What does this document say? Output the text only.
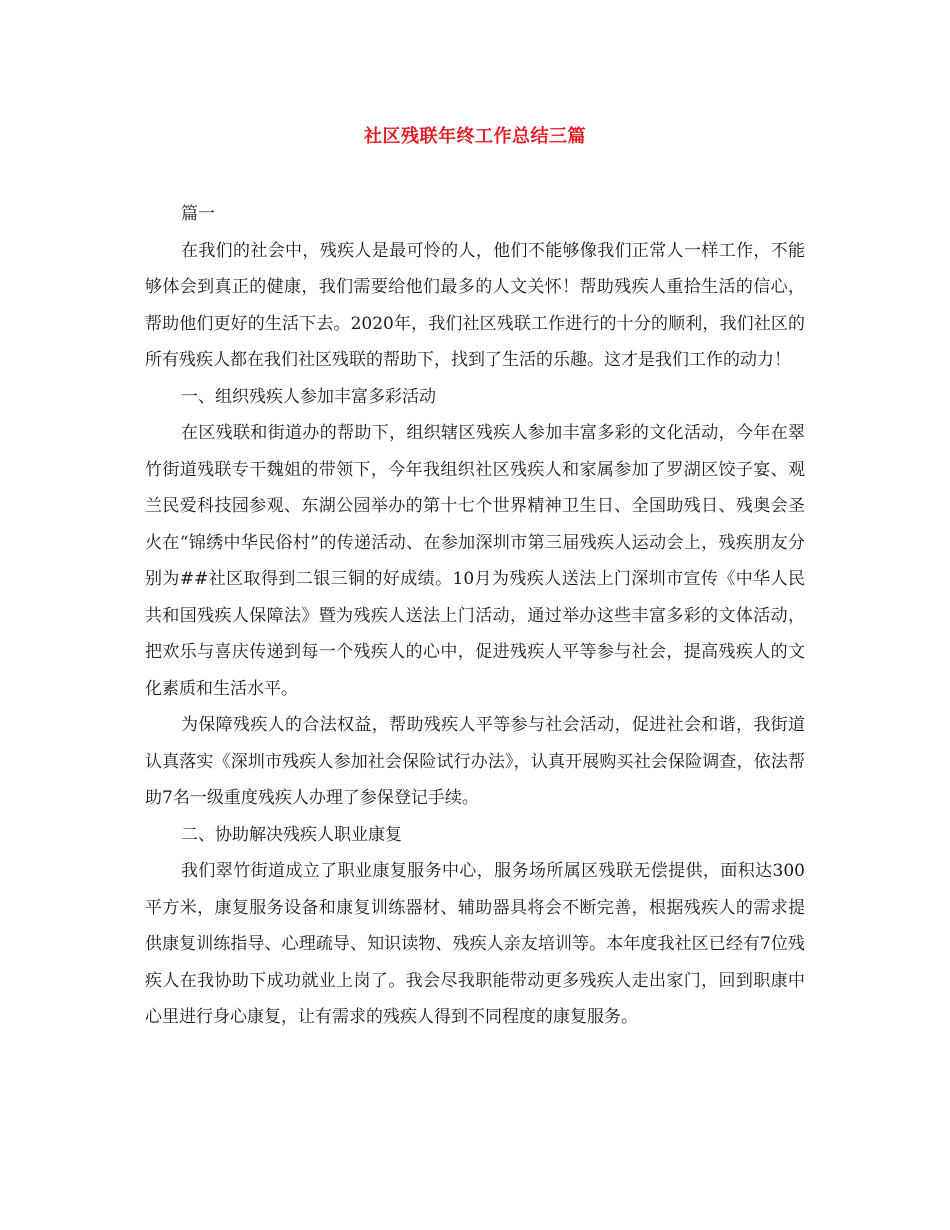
社区残联年终工作总结三篇

篇一

在我们的社会中，残疾人是最可怜的人，他们不能够像我们正常人一样工作，不能够体会到真正的健康，我们需要给他们最多的人文关怀！帮助残疾人重拾生活的信心，帮助他们更好的生活下去。2020年，我们社区残联工作进行的十分的顺利，我们社区的所有残疾人都在我们社区残联的帮助下，找到了生活的乐趣。这才是我们工作的动力！

一、组织残疾人参加丰富多彩活动

在区残联和街道办的帮助下，组织辖区残疾人参加丰富多彩的文化活动，今年在翠竹街道残联专干魏姐的带领下，今年我组织社区残疾人和家属参加了罗湖区饺子宴、观兰民爱科技园参观、东湖公园举办的第十七个世界精神卫生日、全国助残日、残奥会圣火在“锦绣中华民俗村”的传递活动、在参加深圳市第三届残疾人运动会上，残疾朋友分别为##社区取得到二银三铜的好成绩。10月为残疾人送法上门深圳市宣传《中华人民共和国残疾人保障法》暨为残疾人送法上门活动，通过举办这些丰富多彩的文体活动，把欢乐与喜庆传递到每一个残疾人的心中，促进残疾人平等参与社会，提高残疾人的文化素质和生活水平。

为保障残疾人的合法权益，帮助残疾人平等参与社会活动，促进社会和谐，我街道认真落实《深圳市残疾人参加社会保险试行办法》，认真开展购买社会保险调查，依法帮助7名一级重度残疾人办理了参保登记手续。

二、协助解决残疾人职业康复

我们翠竹街道成立了职业康复服务中心，服务场所属区残联无偿提供，面积达300平方米，康复服务设备和康复训练器材、辅助器具将会不断完善，根据残疾人的需求提供康复训练指导、心理疏导、知识读物、残疾人亲友培训等。本年度我社区已经有7位残疾人在我协助下成功就业上岗了。我会尽我职能带动更多残疾人走出家门，回到职康中心里进行身心康复，让有需求的残疾人得到不同程度的康复服务。
